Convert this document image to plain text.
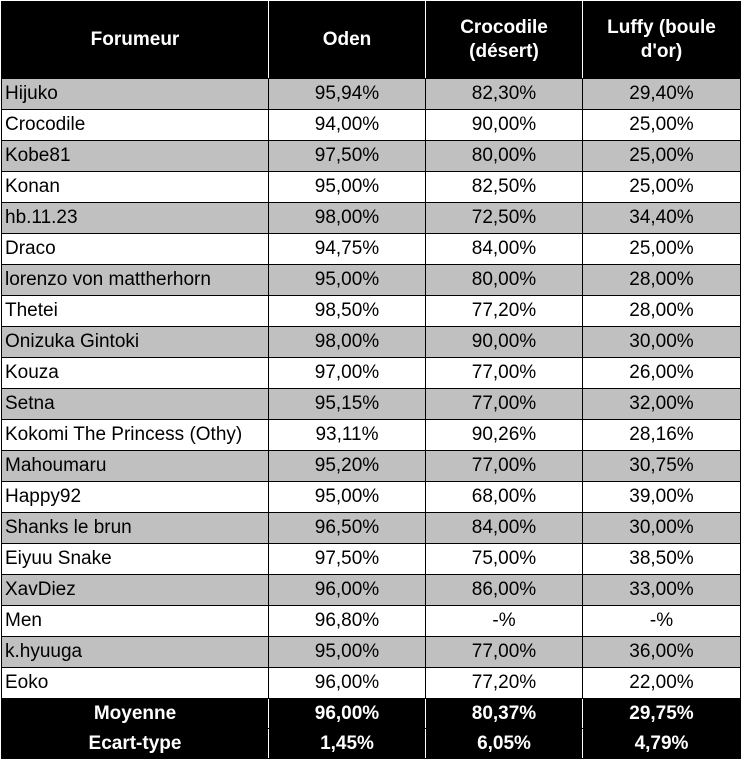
Forumeur	Oden	Crocodile (désert)	Luffy (boule d'or)
Hijuko	95,94%	82,30%	29,40%
Crocodile	94,00%	90,00%	25,00%
Kobe81	97,50%	80,00%	25,00%
Konan	95,00%	82,50%	25,00%
hb.11.23	98,00%	72,50%	34,40%
Draco	94,75%	84,00%	25,00%
lorenzo von mattherhorn	95,00%	80,00%	28,00%
Thetei	98,50%	77,20%	28,00%
Onizuka Gintoki	98,00%	90,00%	30,00%
Kouza	97,00%	77,00%	26,00%
Setna	95,15%	77,00%	32,00%
Kokomi The Princess (Othy)	93,11%	90,26%	28,16%
Mahoumaru	95,20%	77,00%	30,75%
Happy92	95,00%	68,00%	39,00%
Shanks le brun	96,50%	84,00%	30,00%
Eiyuu Snake	97,50%	75,00%	38,50%
XavDiez	96,00%	86,00%	33,00%
Men	96,80%	-%	-%
k.hyuuga	95,00%	77,00%	36,00%
Eoko	96,00%	77,20%	22,00%
Moyenne	96,00%	80,37%	29,75%
Ecart-type	1,45%	6,05%	4,79%
